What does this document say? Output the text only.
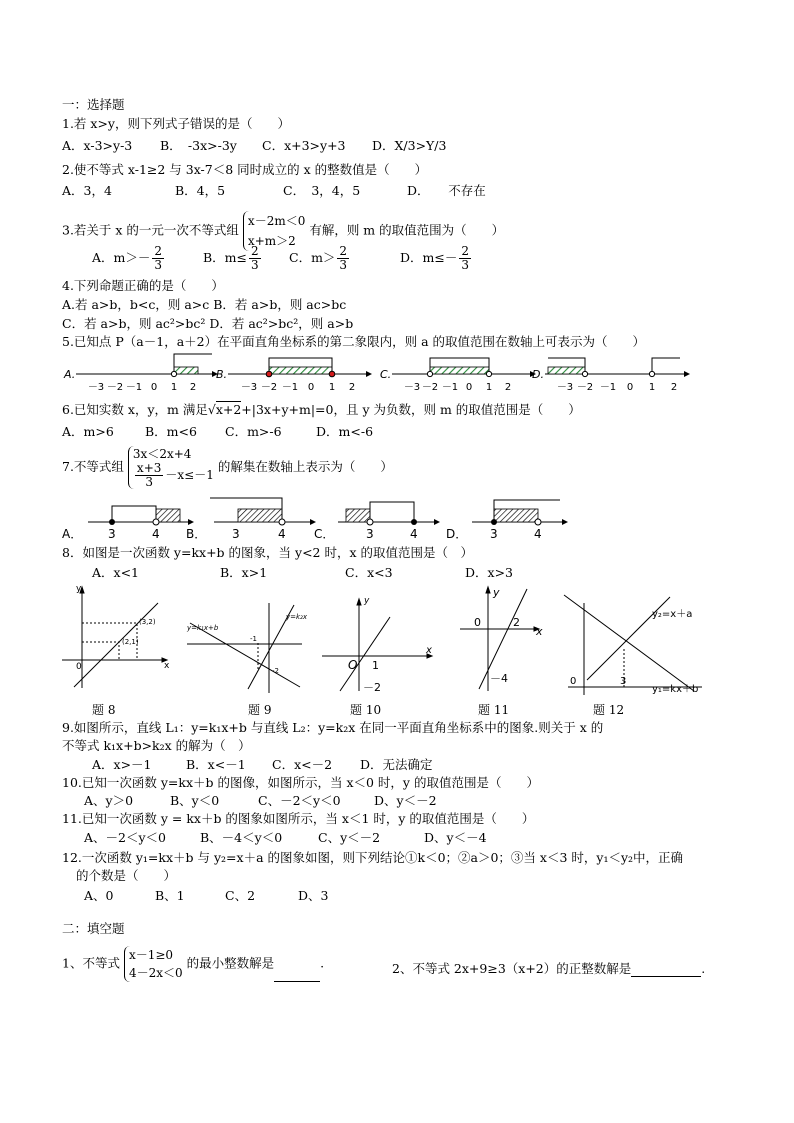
一：选择题
1.若 x>y，则下列式子错误的是（　　）
A．x-3>y-3 B．　-3x>-3y C．x+3>y+3 D．X/3>Y/3
2.使不等式 x-1≥2 与 3x-7＜8 同时成立的 x 的整数值是（　　）
A．3，4	B．4，5	C．　3，4，5	D．　　不存在
3.若关于 x 的一元一次不等式组
x－2m＜0
x+m＞2
有解，则 m 的取值范围为（　　）
A．$m>- \frac{2}{3}$	B．$m\le \frac{2}{3}$ C．$m> \frac{2}{3}$	D．$m\le- \frac{2}{3}$
4.下列命题正确的是（　　）
A.若 a>b，b<c，则 a>c B．若 a>b，则 ac>bc
C．若 a>b，则 ac²>bc² D．若 ac²>bc²，则 a>b
5.已知点 P（a－1，a＋2）在平面直角坐标系的第二象限内，则 a 的取值范围在数轴上可表示为（　　）
A.
－3 －2 －1 0 1 2
B.
－3 －2 －1 0 1 2
C.
－3 －2 －1 0 1 2
D.
－3 －2 －1 0 1 2
6.已知实数 x，y，m 满足√x+2+|3x+y+m|=0，且 y 为负数，则 m 的取值范围是（　　）
A．m>6 B．m<6 C．m>-6	D．m<-6
7.不等式组
3x＜2x+4
$\frac{x+3}{3} -x\le-1$
的解集在数轴上表示为（　　）
A． 3	4 B． 3	4 C．	3	4 D． 3	4
8．如图是一次函数 y=kx+b 的图象，当 y<2 时，x 的取值范围是（　）
A．x<1	B．x>1	C．x<3	D．x>3
y
x
0
(3,2)
(2,1)
y=k₁x+b
y=k₂x
-1
-2
y
x
O 1
－2
y
x
0	2
－4
y₂=x＋a
y₁=kx＋b
0	3
题 8	题 9	题 10	题 11	题 12
9.如图所示，直线 L₁：y=k₁x+b 与直线 L₂：y=k₂x 在同一平面直角坐标系中的图象.则关于 x 的
不等式 k₁x+b>k₂x 的解为（　）
A．x>－1	B．x<－1 C．x<－2 D．无法确定
10.已知一次函数 y=kx＋b 的图像，如图所示，当 x＜0 时，y 的取值范围是（　　）
A、y＞0	B、y＜0	C、－2＜y＜0	D、y＜－2
11.已知一次函数 y = kx＋b 的图象如图所示，当 x＜1 时，y 的取值范围是（　　）
A、－2＜y＜0	B、－4＜y＜0	C、y＜－2	D、y＜－4
12.一次函数 y₁=kx＋b 与 y₂=x＋a 的图象如图，则下列结论①k＜0；②a＞0；③当 x＜3 时，y₁＜y₂中，正确
的个数是（　　）
A、0	B、1	C、2	D、3
二：填空题
1、不等式
x－1≥0
4－2x＜0
的最小整数解是	.	2、不等式 2x+9≥3（x+2）的正整数解是	.
